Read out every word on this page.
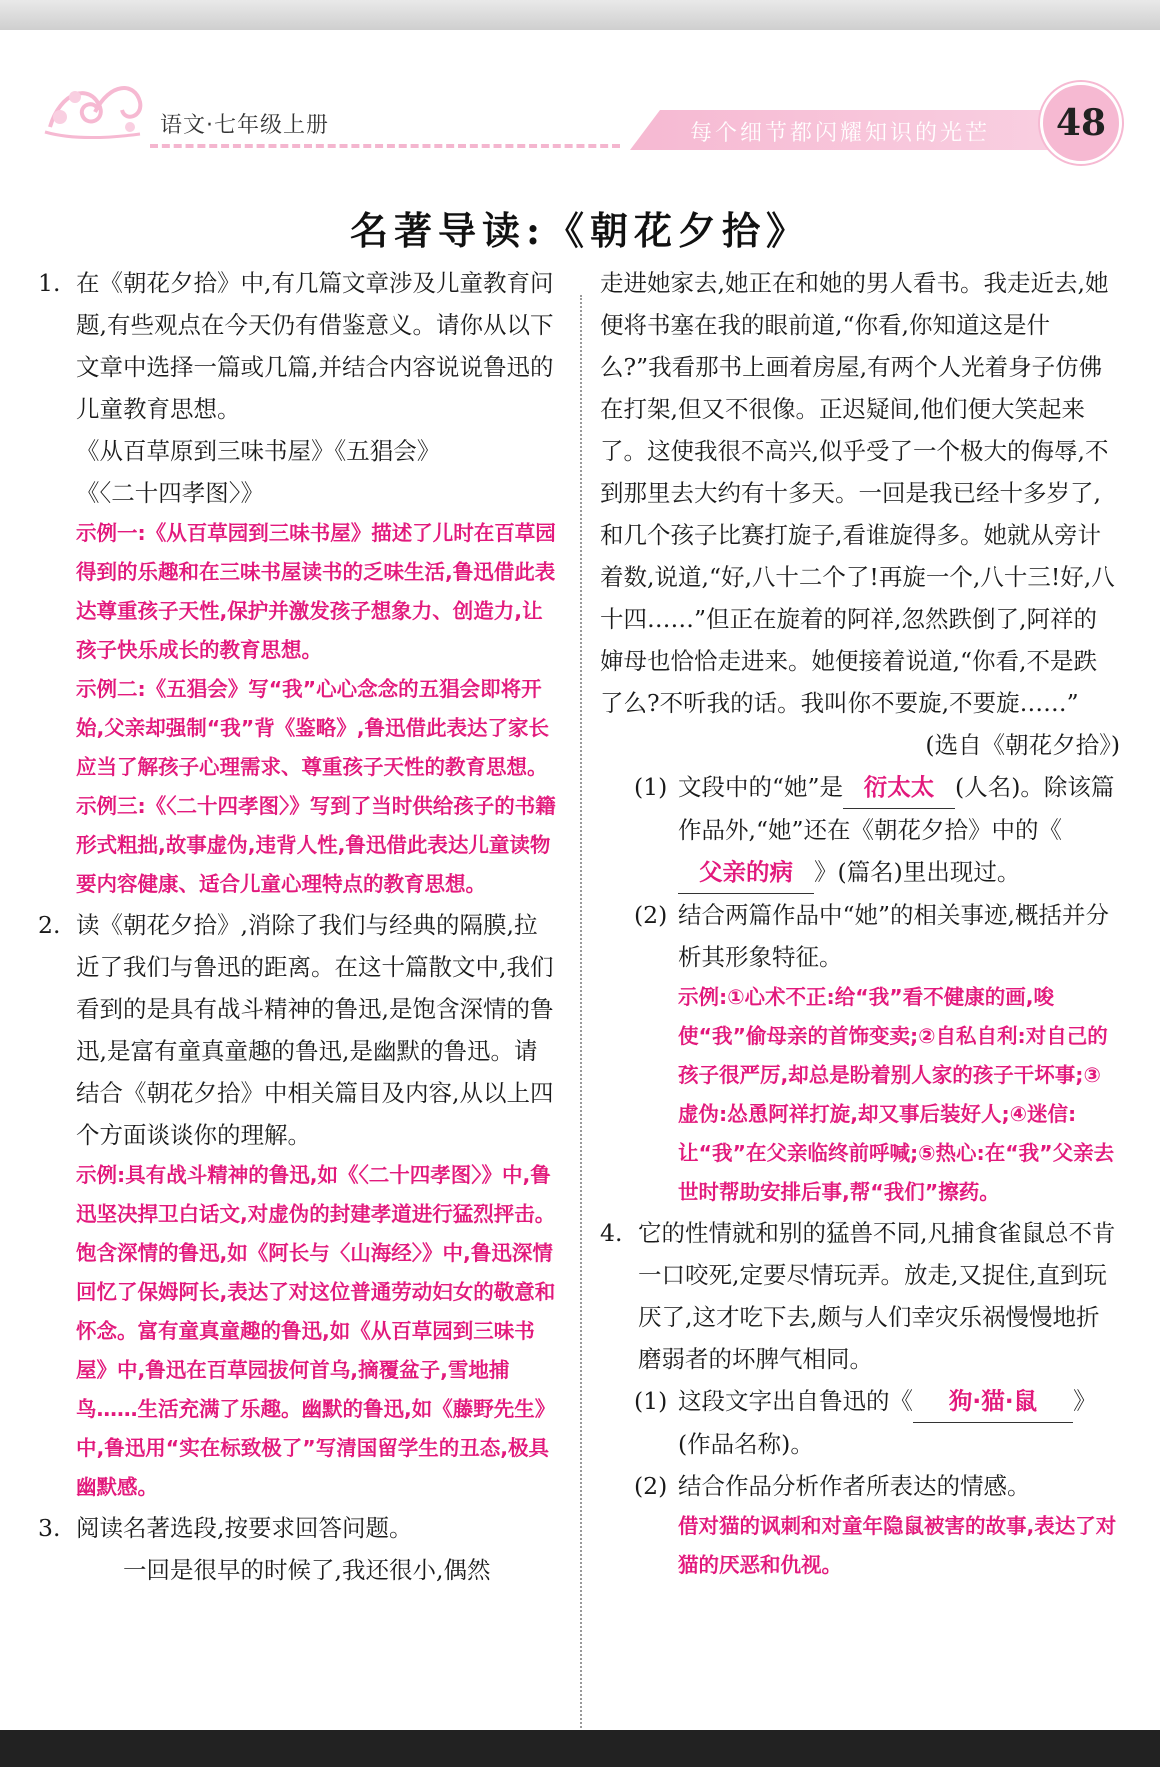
语文·七年级上册	每个细节都闪耀知识的光芒	48
名著导读:《朝花夕拾》

1. 在《朝花夕拾》中,有几篇文章涉及儿童教育问题,有些观点在今天仍有借鉴意义。请你从以下文章中选择一篇或几篇,并结合内容说说鲁迅的儿童教育思想。

《从百草原到三味书屋》《五猖会》

《〈二十四孝图〉》

示例一:《从百草园到三味书屋》描述了儿时在百草园得到的乐趣和在三味书屋读书的乏味生活,鲁迅借此表达尊重孩子天性,保护并激发孩子想象力、创造力,让孩子快乐成长的教育思想。

示例二:《五猖会》写“我”心心念念的五猖会即将开始,父亲却强制“我”背《鉴略》,鲁迅借此表达了家长应当了解孩子心理需求、尊重孩子天性的教育思想。

示例三:《〈二十四孝图〉》写到了当时供给孩子的书籍形式粗拙,故事虚伪,违背人性,鲁迅借此表达儿童读物要内容健康、适合儿童心理特点的教育思想。

2. 读《朝花夕拾》,消除了我们与经典的隔膜,拉近了我们与鲁迅的距离。在这十篇散文中,我们看到的是具有战斗精神的鲁迅,是饱含深情的鲁迅,是富有童真童趣的鲁迅,是幽默的鲁迅。请结合《朝花夕拾》中相关篇目及内容,从以上四个方面谈谈你的理解。

示例:具有战斗精神的鲁迅,如《〈二十四孝图〉》中,鲁迅坚决捍卫白话文,对虚伪的封建孝道进行猛烈抨击。饱含深情的鲁迅,如《阿长与〈山海经〉》中,鲁迅深情回忆了保姆阿长,表达了对这位普通劳动妇女的敬意和怀念。富有童真童趣的鲁迅,如《从百草园到三味书屋》中,鲁迅在百草园拔何首乌,摘覆盆子,雪地捕鸟……生活充满了乐趣。幽默的鲁迅,如《藤野先生》中,鲁迅用“实在标致极了”写清国留学生的丑态,极具幽默感。

3. 阅读名著选段,按要求回答问题。

一回是很早的时候了,我还很小,偶然

走进她家去,她正在和她的男人看书。我走近去,她便将书塞在我的眼前道,“你看,你知道这是什么?”我看那书上画着房屋,有两个人光着身子仿佛在打架,但又不很像。正迟疑间,他们便大笑起来了。这使我很不高兴,似乎受了一个极大的侮辱,不到那里去大约有十多天。一回是我已经十多岁了,和几个孩子比赛打旋子,看谁旋得多。她就从旁计着数,说道,“好,八十二个了!再旋一个,八十三!好,八十四……”但正在旋着的阿祥,忽然跌倒了,阿祥的婶母也恰恰走进来。她便接着说道,“你看,不是跌了么?不听我的话。我叫你不要旋,不要旋……”

(选自《朝花夕拾》)

(1) 文段中的“她”是 衍太太 (人名)。除该篇作品外,“她”还在《朝花夕拾》中的《父亲的病 》(篇名)里出现过。

(2) 结合两篇作品中“她”的相关事迹,概括并分析其形象特征。

示例:①心术不正:给“我”看不健康的画,唆使“我”偷母亲的首饰变卖;②自私自利:对自己的孩子很严厉,却总是盼着别人家的孩子干坏事;③虚伪:怂恿阿祥打旋,却又事后装好人;④迷信:让“我”在父亲临终前呼喊;⑤热心:在“我”父亲去世时帮助安排后事,帮“我们”擦药。

4. 它的性情就和别的猛兽不同,凡捕食雀鼠总不肯一口咬死,定要尽情玩弄。放走,又捉住,直到玩厌了,这才吃下去,颇与人们幸灾乐祸慢慢地折磨弱者的坏脾气相同。

(1) 这段文字出自鲁迅的《 狗·猫·鼠 》(作品名称)。

(2) 结合作品分析作者所表达的情感。

借对猫的讽刺和对童年隐鼠被害的故事,表达了对猫的厌恶和仇视。
